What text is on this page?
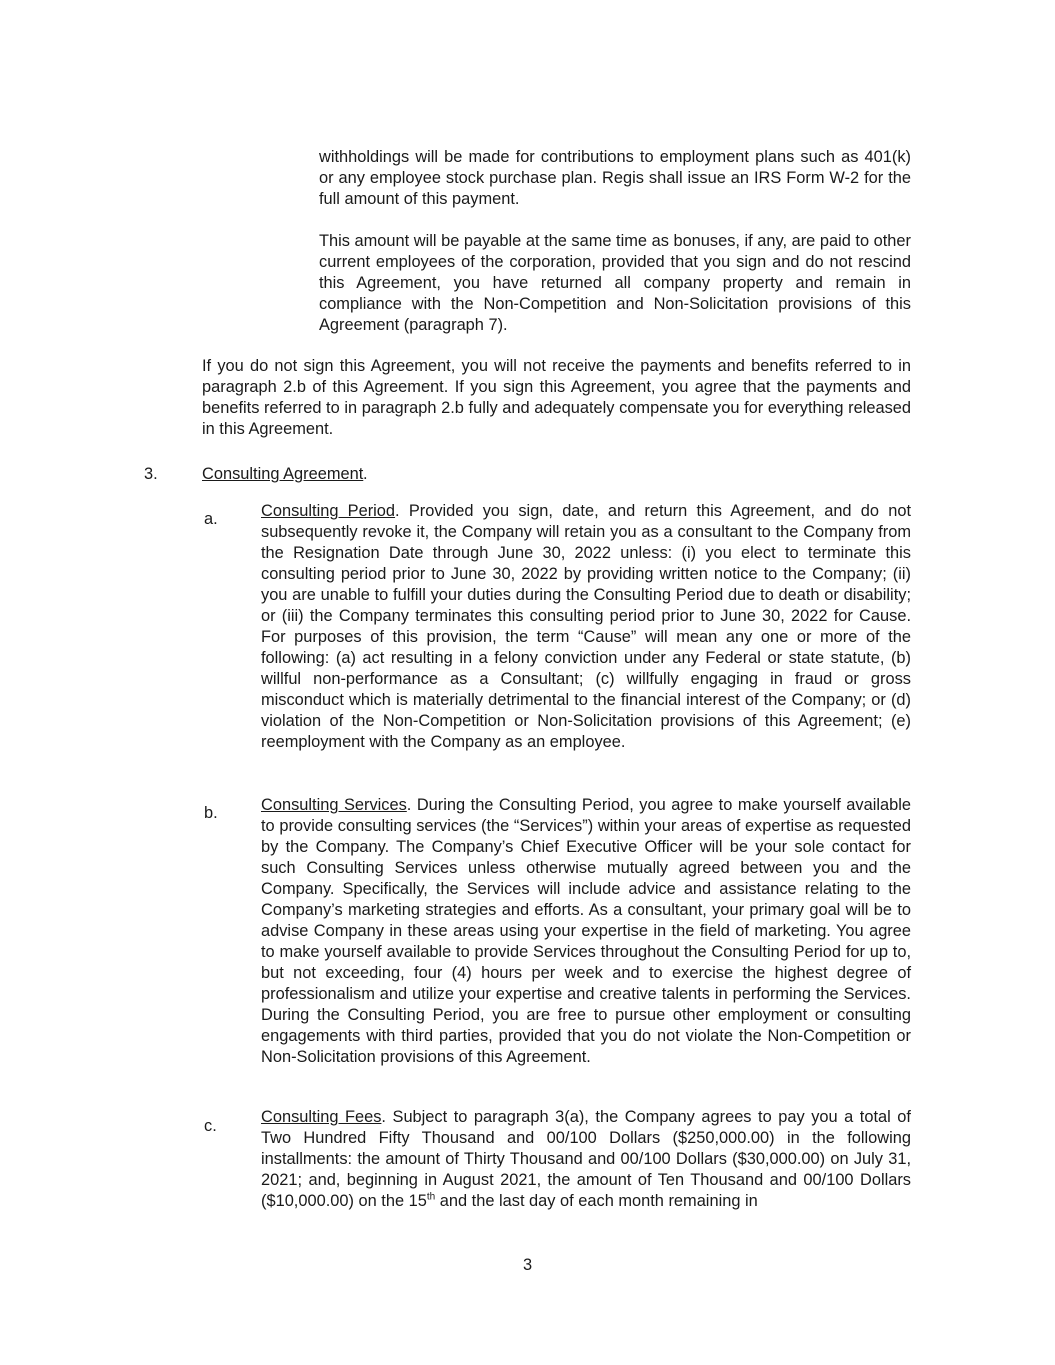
withholdings will be made for contributions to employment plans such as 401(k) or any employee stock purchase plan. Regis shall issue an IRS Form W-2 for the full amount of this payment.

This amount will be payable at the same time as bonuses, if any, are paid to other current employees of the corporation, provided that you sign and do not rescind this Agreement, you have returned all company property and remain in compliance with the Non-Competition and Non-Solicitation provisions of this Agreement (paragraph 7).

If you do not sign this Agreement, you will not receive the payments and benefits referred to in paragraph 2.b of this Agreement. If you sign this Agreement, you agree that the payments and benefits referred to in paragraph 2.b fully and adequately compensate you for everything released in this Agreement.

3.	Consulting Agreement .
a.	Consulting Period. Provided you sign, date, and return this Agreement, and do not subsequently revoke it, the Company will retain you as a consultant to the Company from the Resignation Date through June 30, 2022 unless: (i) you elect to terminate this consulting period prior to June 30, 2022 by providing written notice to the Company; (ii) you are unable to fulfill your duties during the Consulting Period due to death or disability; or (iii) the Company terminates this consulting period prior to June 30, 2022 for Cause. For purposes of this provision, the term “Cause” will mean any one or more of the following: (a) act resulting in a felony conviction under any Federal or state statute, (b) willful non-performance as a Consultant; (c) willfully engaging in fraud or gross misconduct which is materially detrimental to the financial interest of the Company; or (d) violation of the Non-Competition or Non-Solicitation provisions of this Agreement; (e) reemployment with the Company as an employee.

b.	Consulting Services. During the Consulting Period, you agree to make yourself available to provide consulting services (the “Services”) within your areas of expertise as requested by the Company. The Company’s Chief Executive Officer will be your sole contact for such Consulting Services unless otherwise mutually agreed between you and the Company. Specifically, the Services will include advice and assistance relating to the Company’s marketing strategies and efforts. As a consultant, your primary goal will be to advise Company in these areas using your expertise in the field of marketing. You agree to make yourself available to provide Services throughout the Consulting Period for up to, but not exceeding, four (4) hours per week and to exercise the highest degree of professionalism and utilize your expertise and creative talents in performing the Services. During the Consulting Period, you are free to pursue other employment or consulting engagements with third parties, provided that you do not violate the Non-Competition or Non-Solicitation provisions of this Agreement.

c.	Consulting Fees. Subject to paragraph 3(a), the Company agrees to pay you a total of Two Hundred Fifty Thousand and 00/100 Dollars ($250,000.00) in the following installments: the amount of Thirty Thousand and 00/100 Dollars ($30,000.00) on July 31, 2021; and, beginning in August 2021, the amount of Ten Thousand and 00/100 Dollars ($10,000.00) on the 15th and the last day of each month remaining in

3
